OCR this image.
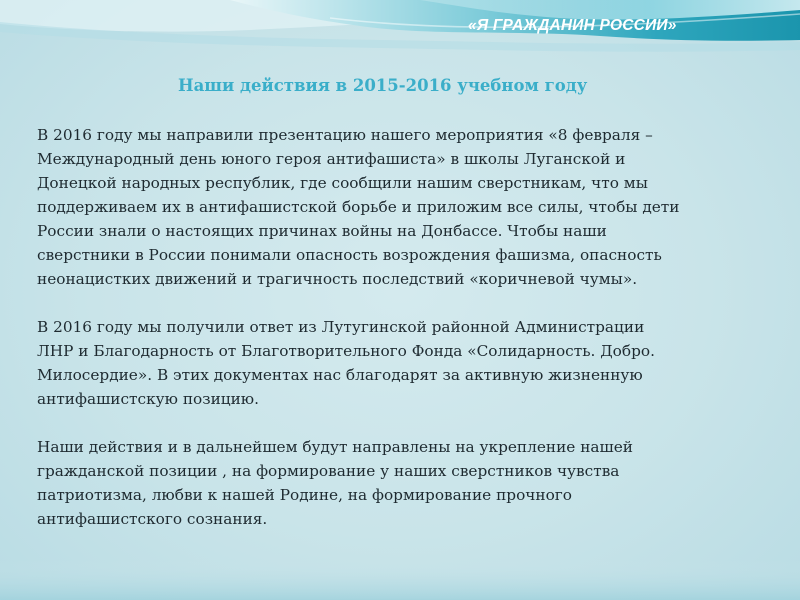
«Я ГРАЖДАНИН РОССИИ»
Наши действия в 2015-2016 учебном году

В 2016 году мы направили презентацию нашего мероприятия «8 февраля –
Международный день юного героя антифашиста» в школы Луганской и
Донецкой народных республик, где сообщили нашим сверстникам, что мы
поддерживаем их в антифашистской борьбе и приложим все силы, чтобы дети
России знали о настоящих причинах войны на Донбассе. Чтобы наши
сверстники в России понимали опасность возрождения фашизма, опасность
неонацистких движений и трагичность последствий «коричневой чумы».

В 2016 году мы получили ответ из Лутугинской районной Администрации
ЛНР и Благодарность от Благотворительного Фонда «Солидарность. Добро.
Милосердие». В этих документах нас благодарят за активную жизненную
антифашистскую позицию.

Наши действия и в дальнейшем будут направлены на укрепление нашей
гражданской позиции , на формирование у наших сверстников чувства
патриотизма, любви к нашей Родине, на формирование прочного
антифашистского сознания.
